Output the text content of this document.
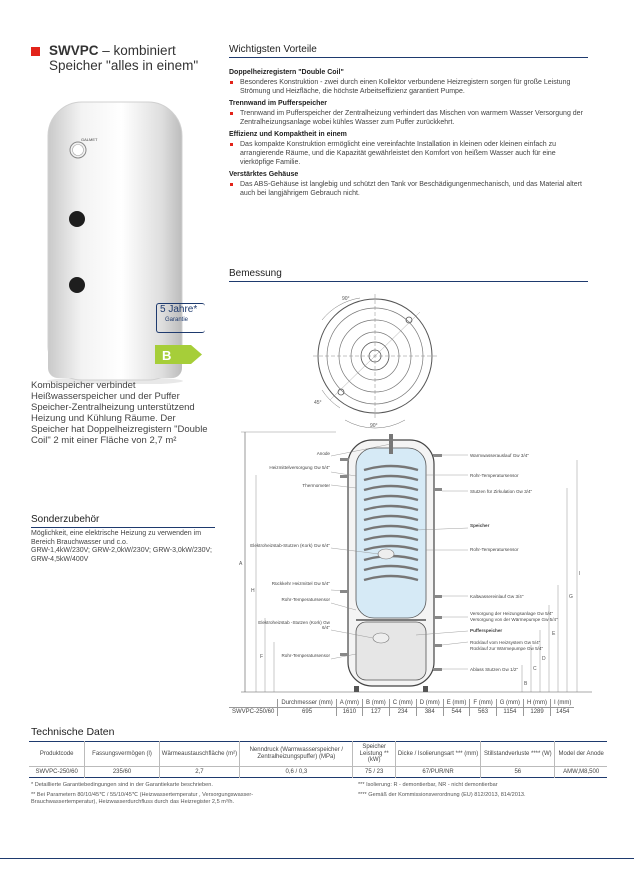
SWVPC – kombiniert Speicher "alles in einem"
GALMET
5 Jahre*
Garantie
B
Kombispeicher verbindet Heißwasserspeicher und der Puffer Speicher-Zentralheizung unterstützend Heizung und Kühlung Räume. Der Speicher hat Doppelheizregistern "Double Coil" 2 mit einer Fläche von 2,7 m²
Sonderzubehör
Möglichkeit, eine elektrische Heizung zu verwenden im Bereich Brauchwasser und c.o.
GRW-1,4kW/230V; GRW-2,0kW/230V; GRW-3,0kW/230V; GRW-4,5kW/400V
Wichtigsten Vorteile
Doppelheizregistern "Double Coil"
Besonderes Konstruktion - zwei durch einen Kollektor verbundene Heizregistern sorgen für große Leistung Strömung und Heizfläche, die höchste Arbeitseffizienz garantiert Pumpe.
Trennwand im Pufferspeicher
Trennwand im Pufferspeicher der Zentralheizung verhindert das Mischen von warmem Wasser Versorgung der Zentralheizungsanlage wobei kühles Wasser zum Puffer zurückkehrt.
Effizienz und Kompaktheit in einem
Das kompakte Konstruktion ermöglicht eine vereinfachte Installation in kleinen oder kleinen einfach zu arrangierende Räume, und die Kapazität gewährleistet den Komfort von heißem Wasser auch für eine vierköpfige Familie.
Verstärktes Gehäuse
Das ABS-Gehäuse ist langlebig und schützt den Tank vor Beschädigungenmechanisch, und das Material altert auch bei langjährigem Gebrauch nicht.
Bemessung
90°
45°
90°
A
H
F
I
G
E
D
C
B
Anode
Heizmittelversorgung Gw 5/4"
Thermometer
Elektroheizstab-Stutzen (Kork) Gw 6/4"
Rückkehr Heizmittel Gw 5/4"
Rohr-Temperatursensor
Elektroheizstab -Stutzen (Kork) Gw 6/4"
Rohr-Temperatursensor
Warmwasserauslauf Gw 3/4"
Rohr-Temperatursensor
Stutzen für Zirkulation Gw 3/4"
Speicher
Rohr-Temperatursensor
Kaltwassereinlauf Gw 3/4"
Versorgung der Heizungsanlage Gw 5/4"
Versorgung von der Wärmepumpe Gw 5/4"
Pufferspeicher
Rücklauf vom Heizsystem Gw 5/4"
Rücklauf zur Wärmepumpe Gw 5/4"
Ablass Stutzen Gw 1/2"
	Durchmesser (mm)	A (mm)	B (mm)	C (mm)	D (mm)	E (mm)	F (mm)	G (mm)	H (mm)	I (mm)
SWVPC-250/60	695	1610	127	234	384	544	563	1154	1289	1454
Technische Daten
Produktcode	Fassungsvermögen (l)	Wärmeaustauschfläche (m²)	Nenndruck (Warmwasserspeicher / Zentralheizungspuffer) (MPa)	Speicher Leistung ** (kW)	Dicke / Isolierungsart *** (mm)	Stillstandverluste **** (W)	Model der Anode
SWVPC-250/60	235/60	2,7	0,6 / 0,3	75 / 23	67/PUR/NR	56	AMW,M8,500
* Detaillierte Garantiebedingungen sind in der Garantiekarte beschrieben.
** Bei Parametern 80/10/45℃ / 55/10/45℃ (Heizwassertemperatur , Versorgungswasser-Brauchwassertemperatur), Heizwasserdurchfluss durch das Heizregister 2,5 m³/h.
*** Isolierung: R - demontierbar, NR - nicht demontierbar
**** Gemäß der Kommissionsverordnung (EU) 812/2013, 814/2013.
